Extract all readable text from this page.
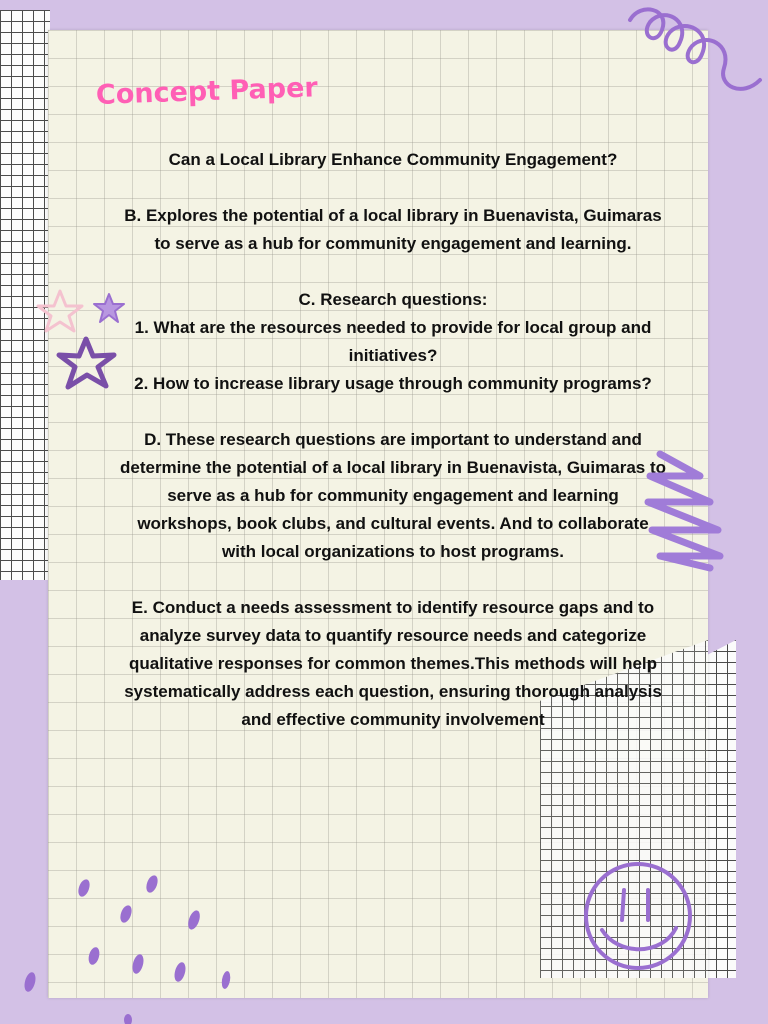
Concept Paper

Can a Local Library Enhance Community Engagement?

B. Explores the potential of a local library in Buenavista, Guimaras to serve as a hub for community engagement and learning.

C. Research questions:
1. What are the resources needed to provide for local group and initiatives?
2. How to increase library usage through community programs?

D. These research questions are important to understand and determine the potential of a local library in Buenavista, Guimaras to serve as a hub for community engagement and learning workshops, book clubs, and cultural events. And to collaborate with local organizations to host programs.

E. Conduct a needs assessment to identify resource gaps and to analyze survey data to quantify resource needs and categorize qualitative responses for common themes.This methods will help systematically address each question, ensuring thorough analysis and effective community involvement
